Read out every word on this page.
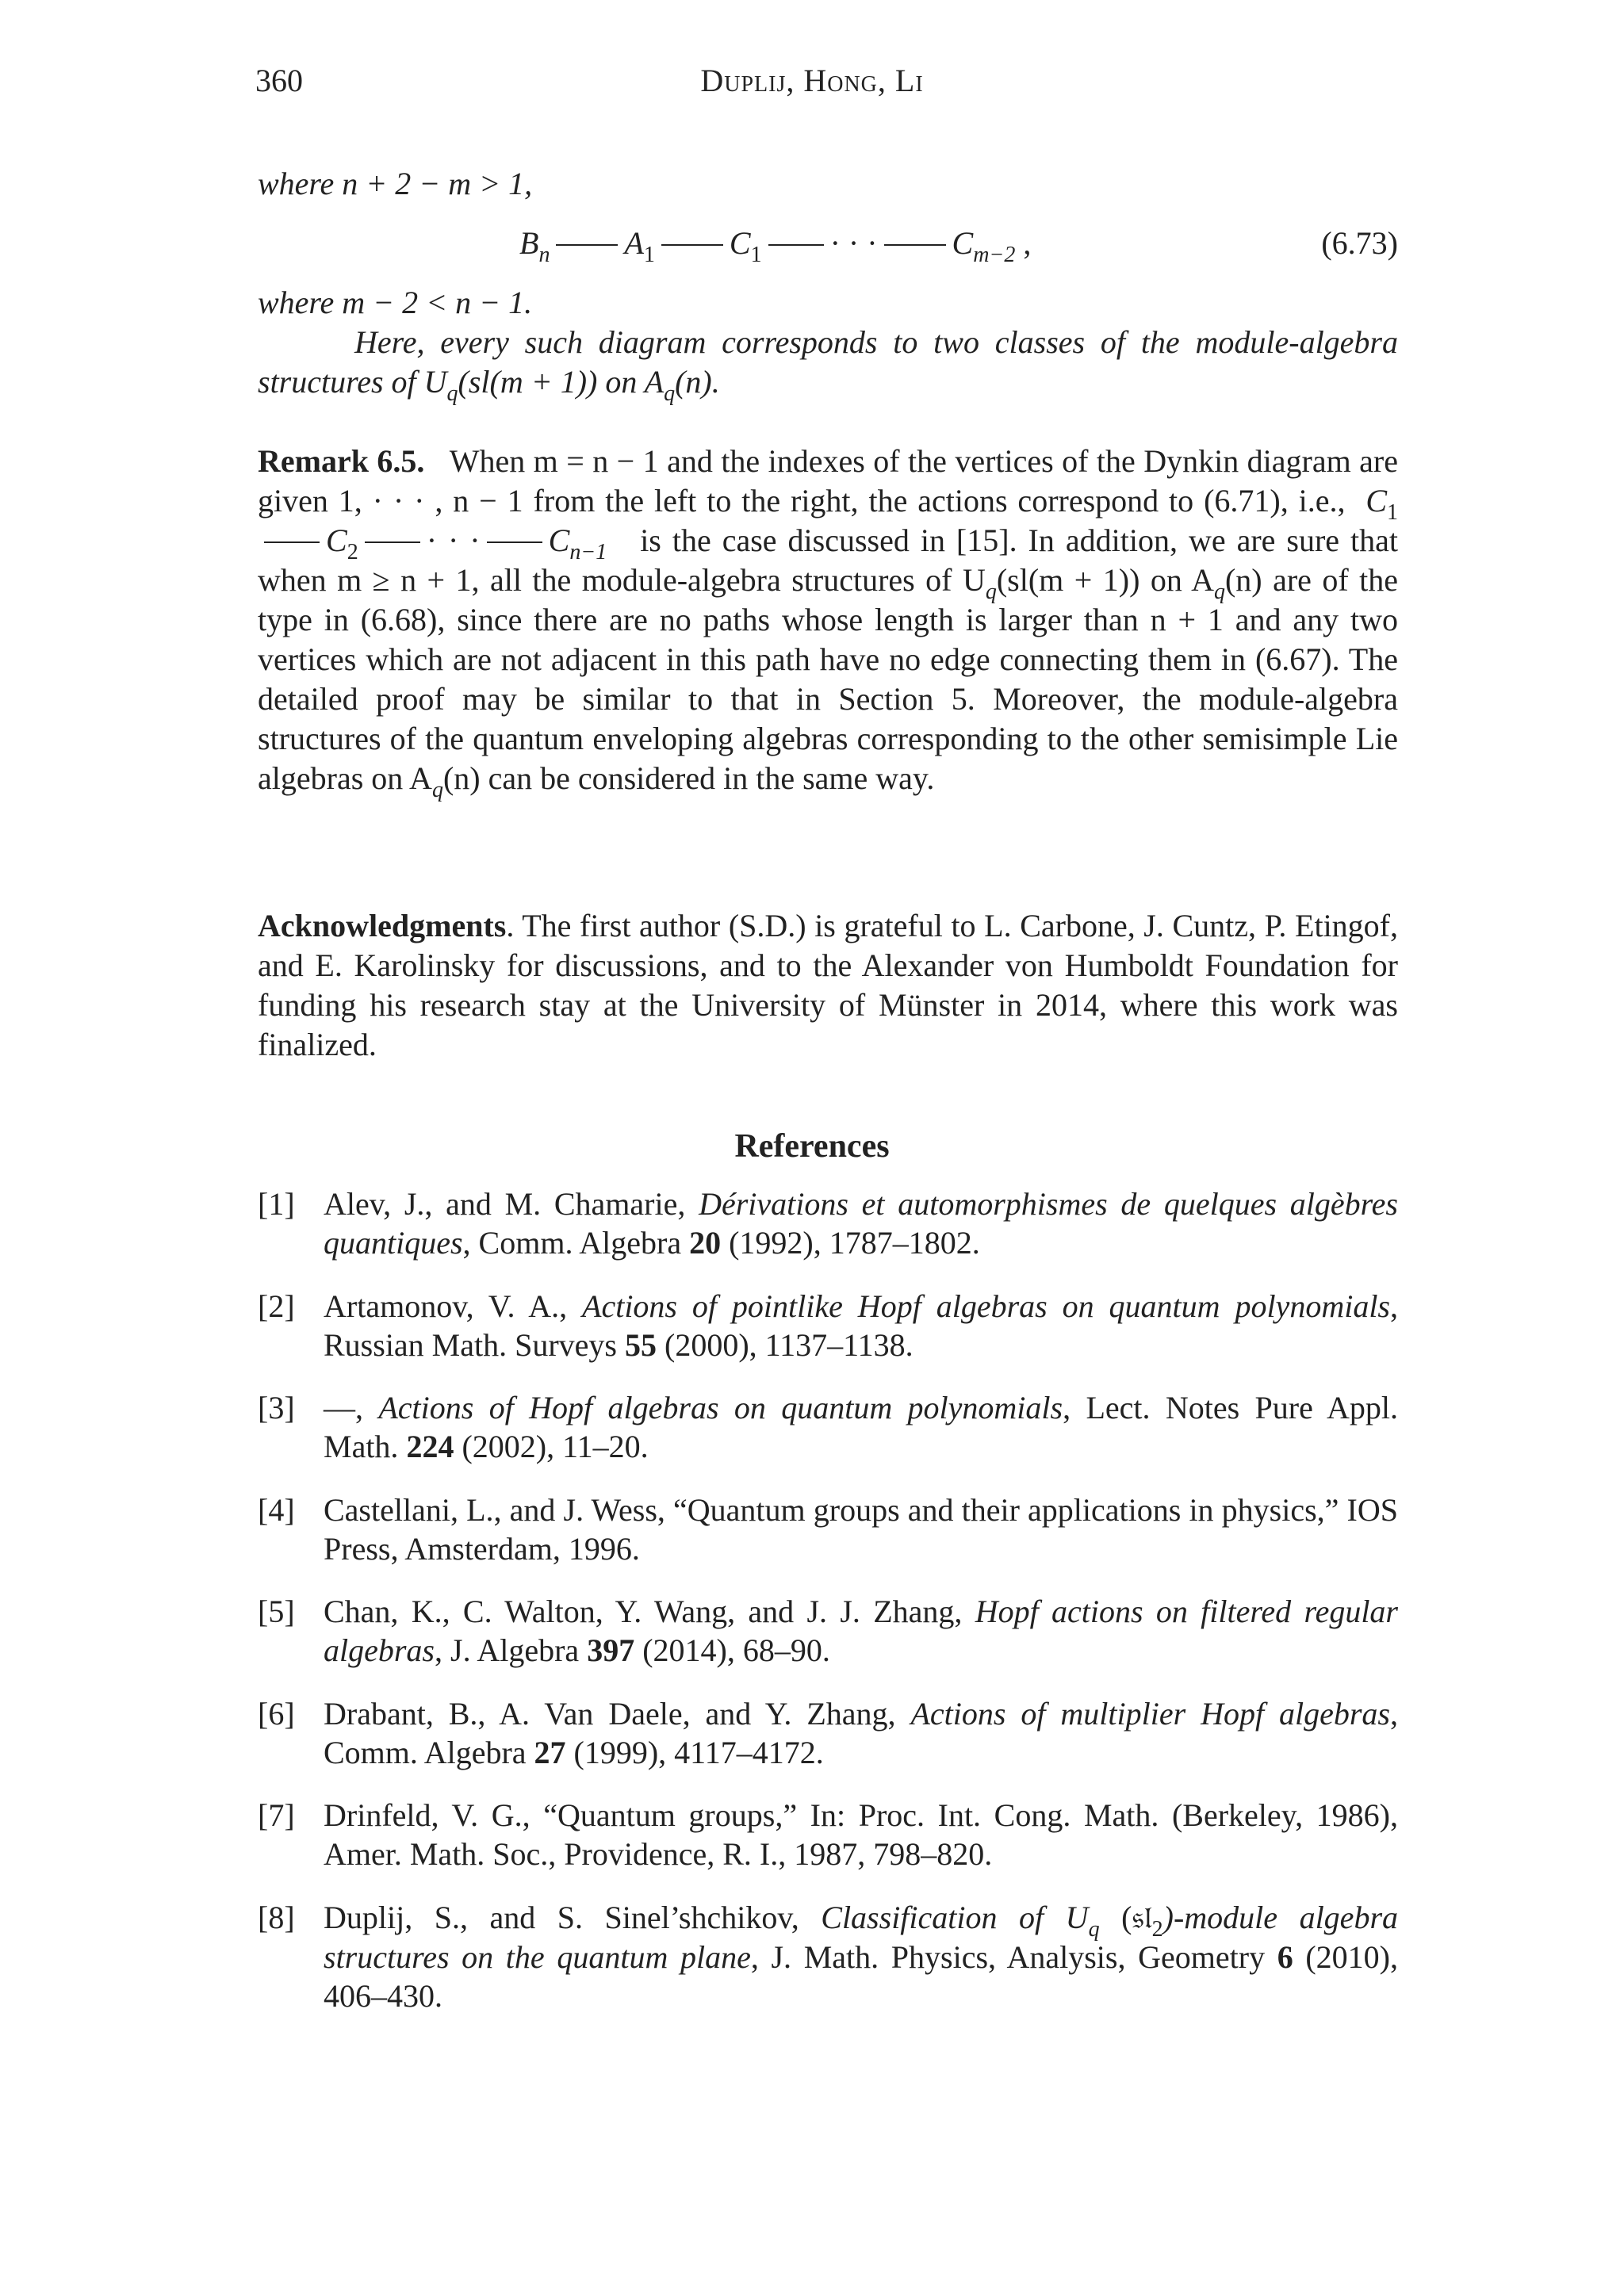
360	Duplij, Hong, Li
where n + 2 − m > 1,
$B_n$ $A_1$ $C_1$ · · · $C_{m-2}$ ,	(6.73)
where m − 2 < n − 1.
Here, every such diagram corresponds to two classes of the module-algebra structures of $U_q(sl(m + 1))$ on $A_q(n)$.
Remark 6.5. When m = n − 1 and the indexes of the vertices of the Dynkin diagram are given 1, · · · , n − 1 from the left to the right, the actions correspond to (6.71), i.e., $C_1C_2$ · · · $C_{n-1}$ is the case discussed in [15]. In addition, we are sure that when m ≥ n + 1, all the module-algebra structures of $U_q(sl(m + 1))$ on $A_q(n)$ are of the type in (6.68), since there are no paths whose length is larger than n + 1 and any two vertices which are not adjacent in this path have no edge connecting them in (6.67). The detailed proof may be similar to that in Section 5. Moreover, the module-algebra structures of the quantum enveloping algebras corresponding to the other semisimple Lie algebras on $A_q(n)$ can be considered in the same way.
Acknowledgments. The first author (S.D.) is grateful to L. Carbone, J. Cuntz, P. Etingof, and E. Karolinsky for discussions, and to the Alexander von Humboldt Foundation for funding his research stay at the University of Münster in 2014, where this work was finalized.
References
[1] Alev, J., and M. Chamarie, Dérivations et automorphismes de quelques algèbres quantiques, Comm. Algebra 20 (1992), 1787–1802.
[2] Artamonov, V. A., Actions of pointlike Hopf algebras on quantum polynomials, Russian Math. Surveys 55 (2000), 1137–1138.
[3] —, Actions of Hopf algebras on quantum polynomials, Lect. Notes Pure Appl. Math. 224 (2002), 11–20.
[4] Castellani, L., and J. Wess, “Quantum groups and their applications in physics,” IOS Press, Amsterdam, 1996.
[5] Chan, K., C. Walton, Y. Wang, and J. J. Zhang, Hopf actions on filtered regular algebras, J. Algebra 397 (2014), 68–90.
[6] Drabant, B., A. Van Daele, and Y. Zhang, Actions of multiplier Hopf algebras, Comm. Algebra 27 (1999), 4117–4172.
[7] Drinfeld, V. G., “Quantum groups,” In: Proc. Int. Cong. Math. (Berkeley, 1986), Amer. Math. Soc., Providence, R. I., 1987, 798–820.
[8] Duplij, S., and S. Sinel’shchikov, Classification of $U_q$ (𝔰𝔩$_2$)-module algebra structures on the quantum plane, J. Math. Physics, Analysis, Geometry 6 (2010), 406–430.
